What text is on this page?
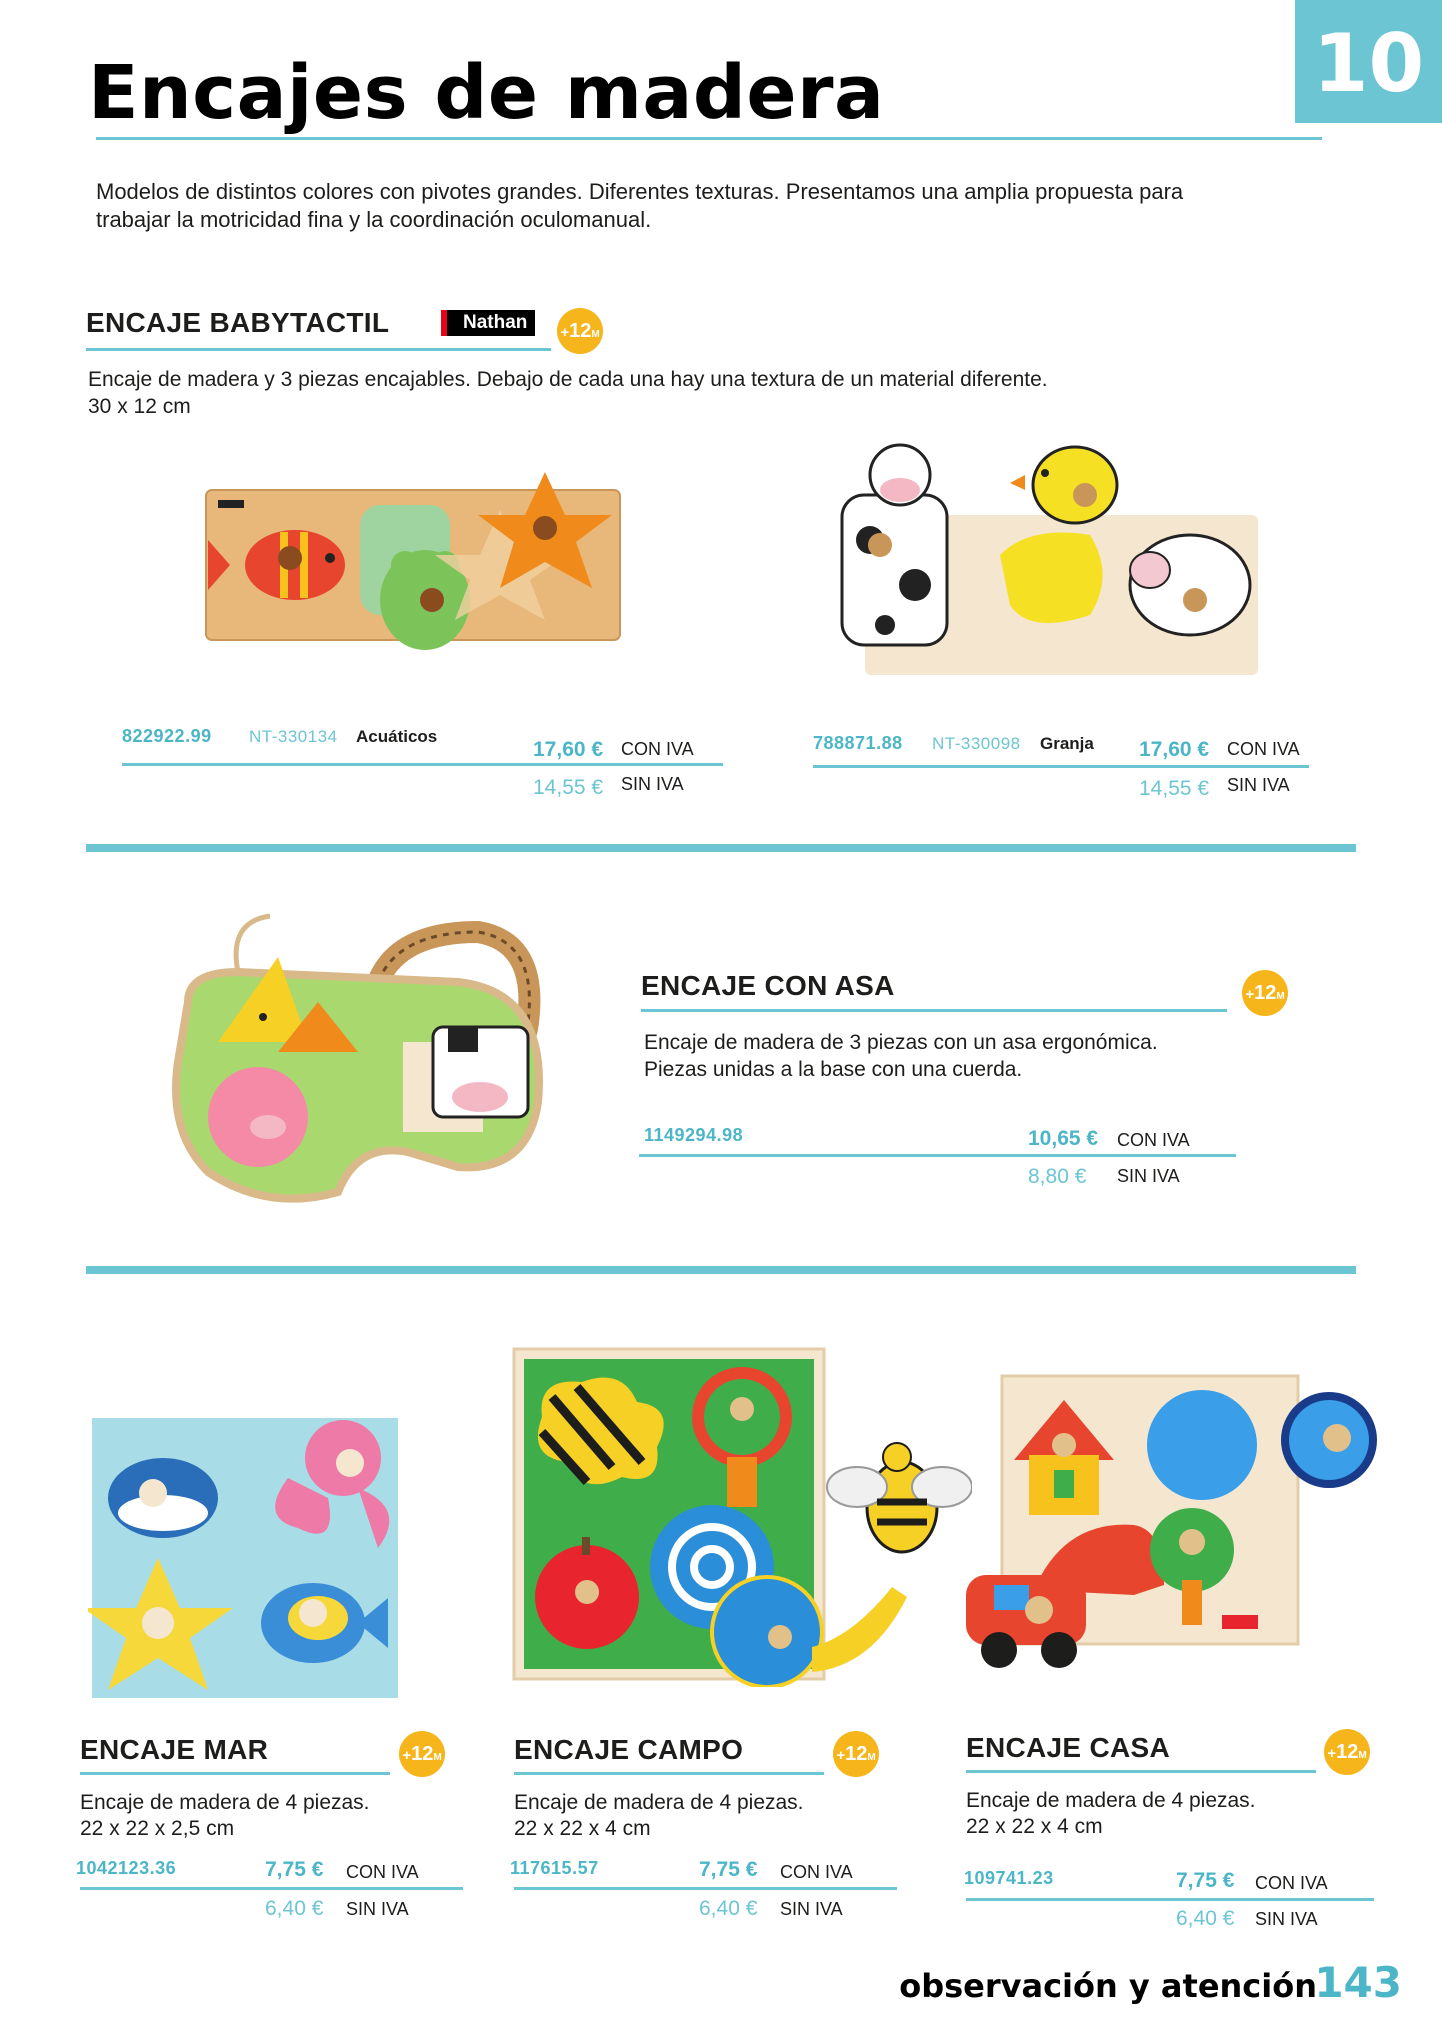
Encajes de madera	10
Modelos de distintos colores con pivotes grandes. Diferentes texturas. Presentamos una amplia propuesta para trabajar la motricidad fina y la coordinación oculomanual.
ENCAJE BABYTACTIL	Nathan	+12M
Encaje de madera y 3 piezas encajables. Debajo de cada una hay una textura de un material diferente.
30 x 12 cm
822922.99 NT-330134 Acuáticos
17,60 € CON IVA
14,55 € SIN IVA
788871.88 NT-330098 Granja 17,60 € CON IVA
14,55 € SIN IVA
ENCAJE CON ASA	+12M
Encaje de madera de 3 piezas con un asa ergonómica.
Piezas unidas a la base con una cuerda.
1149294.98	10,65 € CON IVA
8,80 € SIN IVA
ENCAJE MAR	+12M
Encaje de madera de 4 piezas.
22 x 22 x 2,5 cm
1042123.36	7,75 € CON IVA
6,40 € SIN IVA
ENCAJE CAMPO	+12M
Encaje de madera de 4 piezas.
22 x 22 x 4 cm
117615.57	7,75 € CON IVA
6,40 € SIN IVA
ENCAJE CASA	+12M
Encaje de madera de 4 piezas.
22 x 22 x 4 cm
109741.23	7,75 € CON IVA
6,40 € SIN IVA
observación y atención
143
